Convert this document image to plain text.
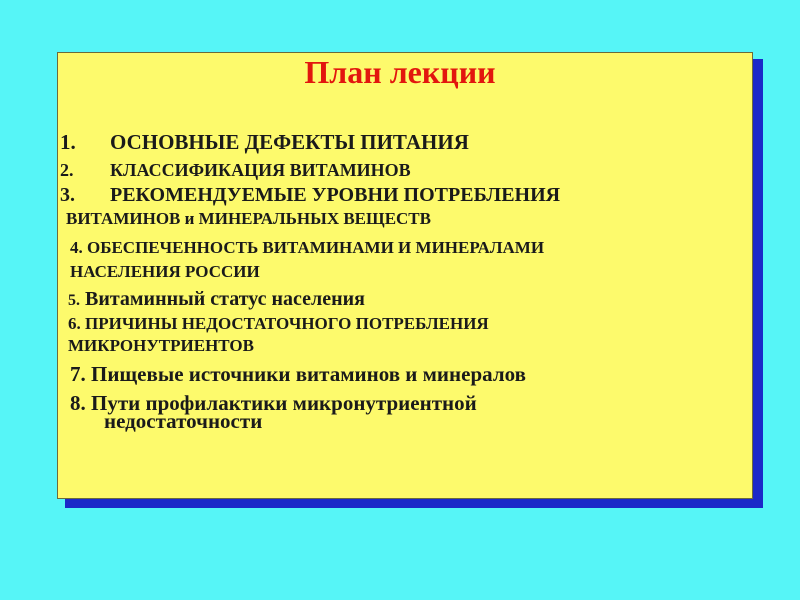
План лекции
1. ОСНОВНЫЕ ДЕФЕКТЫ ПИТАНИЯ
2. КЛАССИФИКАЦИЯ ВИТАМИНОВ
3. РЕКОМЕНДУЕМЫЕ УРОВНИ ПОТРЕБЛЕНИЯ
ВИТАМИНОВ и МИНЕРАЛЬНЫХ ВЕЩЕСТВ
4. ОБЕСПЕЧЕННОСТЬ ВИТАМИНАМИ И МИНЕРАЛАМИ
НАСЕЛЕНИЯ РОССИИ
5. Витаминный статус населения
6. ПРИЧИНЫ НЕДОСТАТОЧНОГО ПОТРЕБЛЕНИЯ
МИКРОНУТРИЕНТОВ
7. Пищевые источники витаминов и минералов
8. Пути профилактики микронутриентной
недостаточности
